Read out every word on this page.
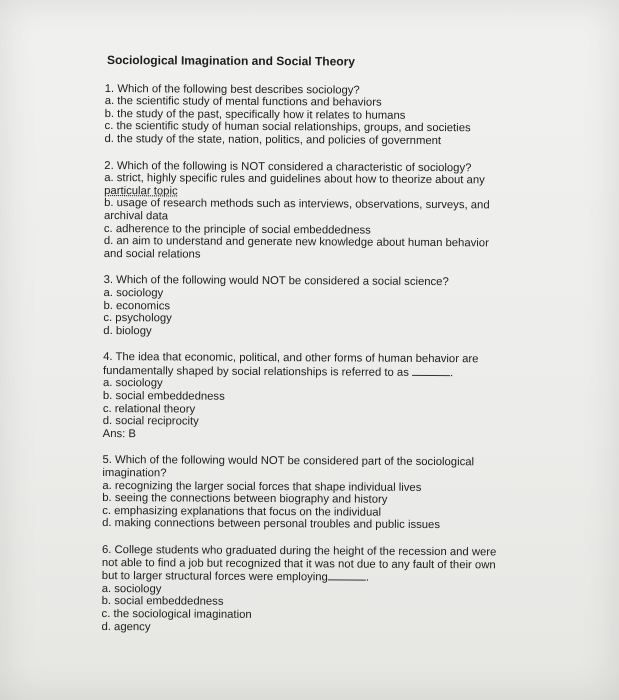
Sociological Imagination and Social Theory

1. Which of the following best describes sociology?

a. the scientific study of mental functions and behaviors

b. the study of the past, specifically how it relates to humans

c. the scientific study of human social relationships, groups, and societies

d. the study of the state, nation, politics, and policies of government

2. Which of the following is NOT considered a characteristic of sociology?

a. strict, highly specific rules and guidelines about how to theorize about any

particular topic

b. usage of research methods such as interviews, observations, surveys, and

archival data

c. adherence to the principle of social embeddedness

d. an aim to understand and generate new knowledge about human behavior

and social relations

3. Which of the following would NOT be considered a social science?

a. sociology

b. economics

c. psychology

d. biology

4. The idea that economic, political, and other forms of human behavior are

fundamentally shaped by social relationships is referred to as	.

a. sociology

b. social embeddedness

c. relational theory

d. social reciprocity

Ans: B

5. Which of the following would NOT be considered part of the sociological

imagination?

a. recognizing the larger social forces that shape individual lives

b. seeing the connections between biography and history

c. emphasizing explanations that focus on the individual

d. making connections between personal troubles and public issues

6. College students who graduated during the height of the recession and were

not able to find a job but recognized that it was not due to any fault of their own

but to larger structural forces were employing	.

a. sociology

b. social embeddedness

c. the sociological imagination

d. agency
